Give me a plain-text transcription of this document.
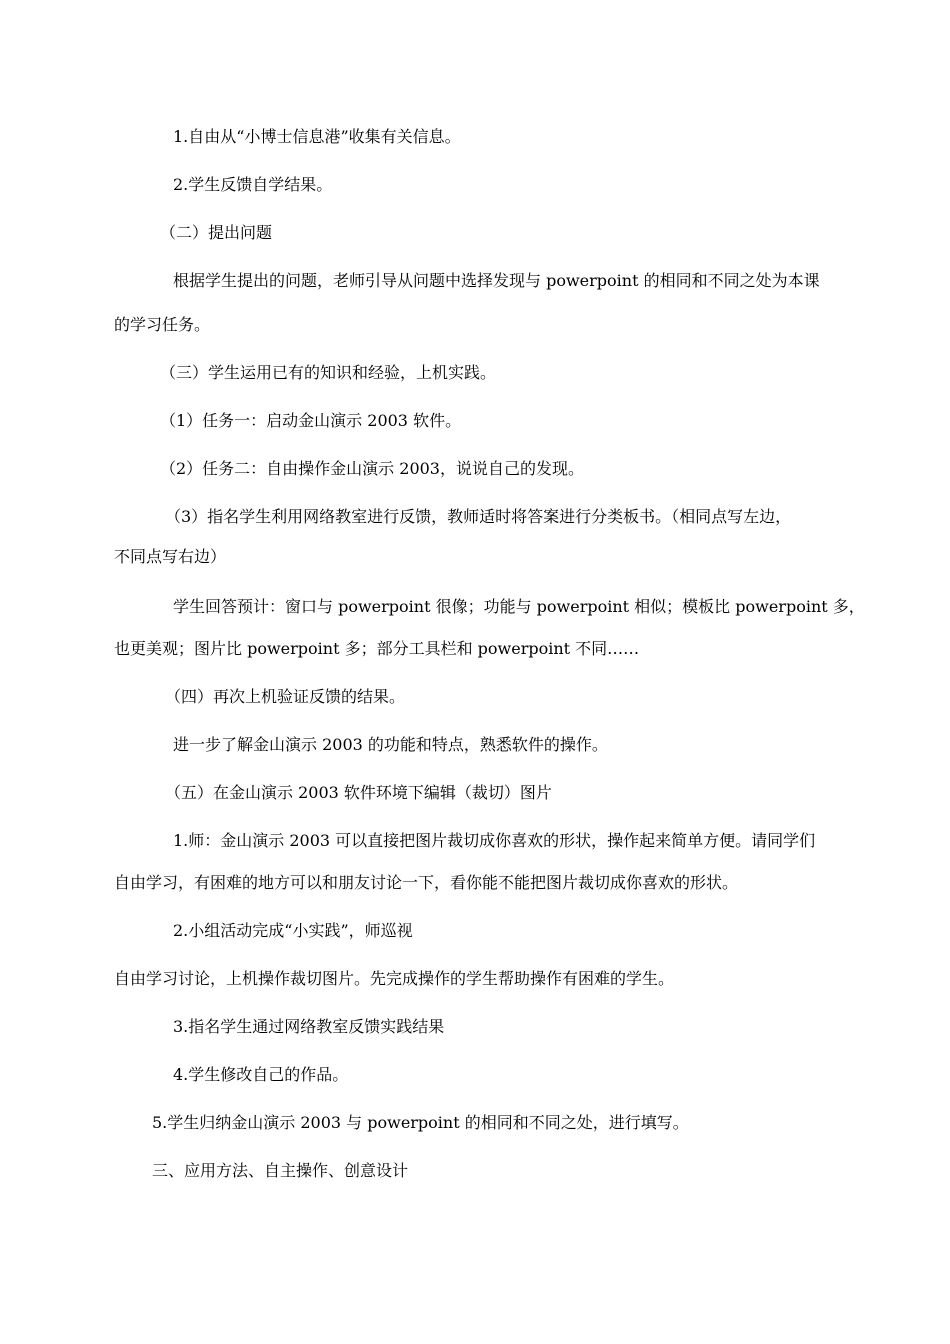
1.自由从“小博士信息港”收集有关信息。
2.学生反馈自学结果。
（二）提出问题
根据学生提出的问题，老师引导从问题中选择发现与 powerpoint 的相同和不同之处为本课
的学习任务。
（三）学生运用已有的知识和经验，上机实践。
（1）任务一：启动金山演示 2003 软件。
（2）任务二：自由操作金山演示 2003，说说自己的发现。
（3）指名学生利用网络教室进行反馈，教师适时将答案进行分类板书。（相同点写左边，
不同点写右边）
学生回答预计：窗口与 powerpoint 很像；功能与 powerpoint 相似；模板比 powerpoint 多，
也更美观；图片比 powerpoint 多；部分工具栏和 powerpoint 不同……
（四）再次上机验证反馈的结果。
进一步了解金山演示 2003 的功能和特点，熟悉软件的操作。
（五）在金山演示 2003 软件环境下编辑（裁切）图片
1.师：金山演示 2003 可以直接把图片裁切成你喜欢的形状，操作起来简单方便。请同学们
自由学习，有困难的地方可以和朋友讨论一下，看你能不能把图片裁切成你喜欢的形状。
2.小组活动完成“小实践”，师巡视
自由学习讨论，上机操作裁切图片。先完成操作的学生帮助操作有困难的学生。
3.指名学生通过网络教室反馈实践结果
4.学生修改自己的作品。
5.学生归纳金山演示 2003 与 powerpoint 的相同和不同之处，进行填写。
三、应用方法、自主操作、创意设计
